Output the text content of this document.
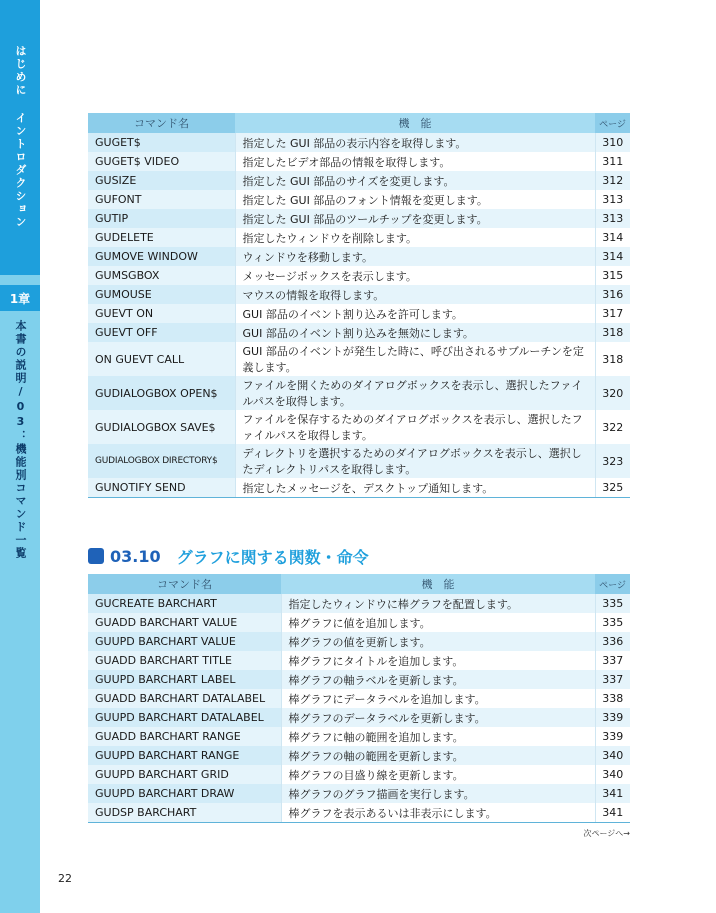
はじめに イントロダクション
1章
本書の説明/03：機能別コマンド一覧
コマンド名	機　能	ページ
GUGET$	指定した GUI 部品の表示内容を取得します。	310
GUGET$ VIDEO	指定したビデオ部品の情報を取得します。	311
GUSIZE	指定した GUI 部品のサイズを変更します。	312
GUFONT	指定した GUI 部品のフォント情報を変更します。	313
GUTIP	指定した GUI 部品のツールチップを変更します。	313
GUDELETE	指定したウィンドウを削除します。	314
GUMOVE WINDOW	ウィンドウを移動します。	314
GUMSGBOX	メッセージボックスを表示します。	315
GUMOUSE	マウスの情報を取得します。	316
GUEVT ON	GUI 部品のイベント割り込みを許可します。	317
GUEVT OFF	GUI 部品のイベント割り込みを無効にします。	318
ON GUEVT CALL	GUI 部品のイベントが発生した時に、呼び出されるサブルーチンを定義します。	318
GUDIALOGBOX OPEN$	ファイルを開くためのダイアログボックスを表示し、選択したファイルパスを取得します。	320
GUDIALOGBOX SAVE$	ファイルを保存するためのダイアログボックスを表示し、選択したファイルパスを取得します。	322
GUDIALOGBOX DIRECTORY$	ディレクトリを選択するためのダイアログボックスを表示し、選択したディレクトリパスを取得します。	323
GUNOTIFY SEND	指定したメッセージを、デスクトップ通知します。	325
03.10 グラフに関する関数・命令
コマンド名	機　能	ページ
GUCREATE BARCHART	指定したウィンドウに棒グラフを配置します。	335
GUADD BARCHART VALUE	棒グラフに値を追加します。	335
GUUPD BARCHART VALUE	棒グラフの値を更新します。	336
GUADD BARCHART TITLE	棒グラフにタイトルを追加します。	337
GUUPD BARCHART LABEL	棒グラフの軸ラベルを更新します。	337
GUADD BARCHART DATALABEL	棒グラフにデータラベルを追加します。	338
GUUPD BARCHART DATALABEL	棒グラフのデータラベルを更新します。	339
GUADD BARCHART RANGE	棒グラフに軸の範囲を追加します。	339
GUUPD BARCHART RANGE	棒グラフの軸の範囲を更新します。	340
GUUPD BARCHART GRID	棒グラフの目盛り線を更新します。	340
GUUPD BARCHART DRAW	棒グラフのグラフ描画を実行します。	341
GUDSP BARCHART	棒グラフを表示あるいは非表示にします。	341
次ページへ→
22
